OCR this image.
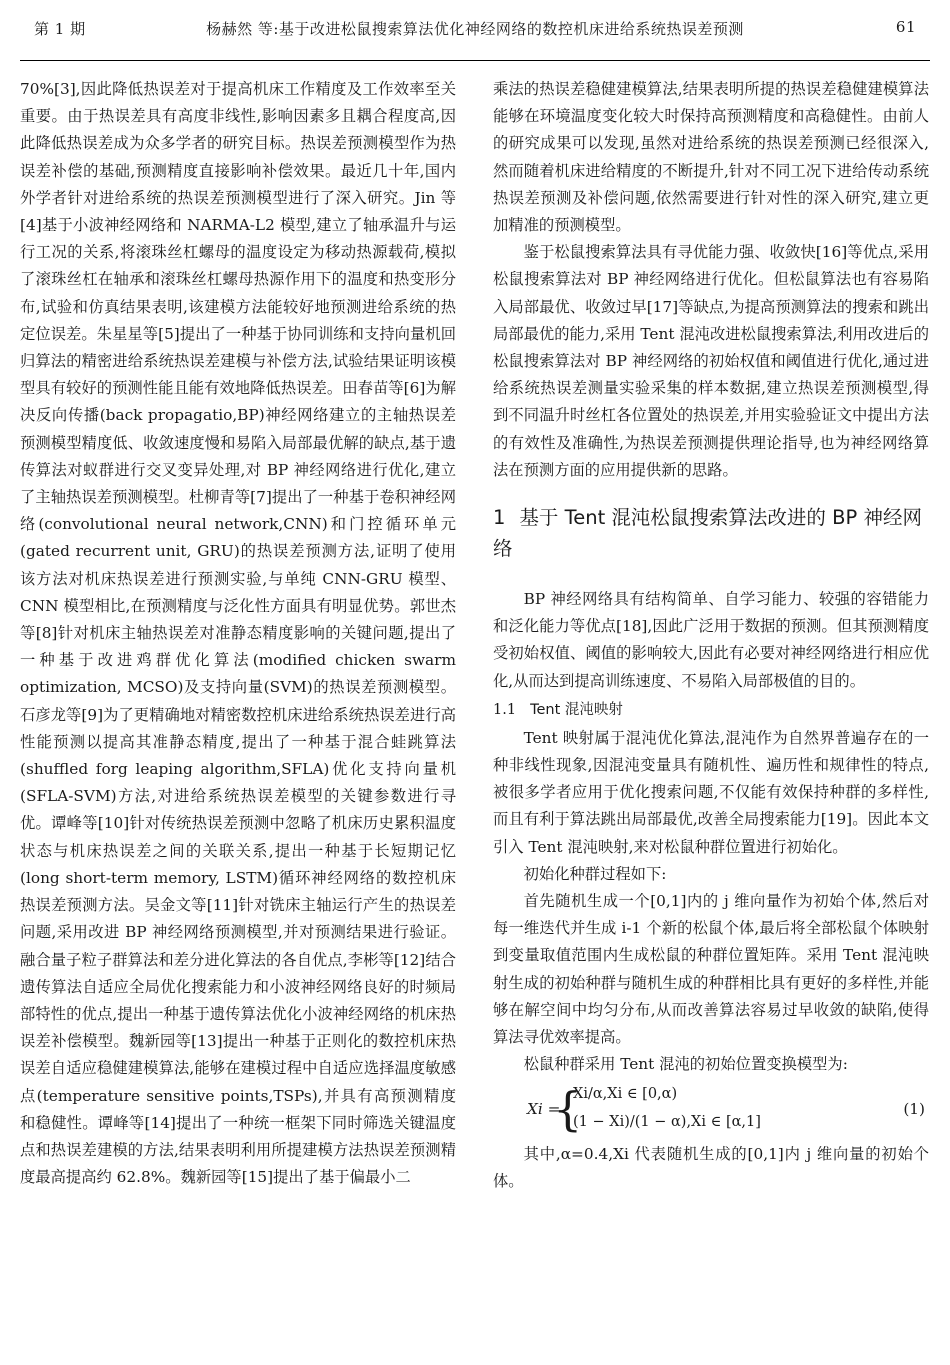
第 1 期	杨赫然 等:基于改进松鼠搜索算法优化神经网络的数控机床进给系统热误差预测	61

70%[3],因此降低热误差对于提高机床工作精度及工作效率至关重要。由于热误差具有高度非线性,影响因素多且耦合程度高,因此降低热误差成为众多学者的研究目标。热误差预测模型作为热误差补偿的基础,预测精度直接影响补偿效果。最近几十年,国内外学者针对进给系统的热误差预测模型进行了深入研究。Jin 等[4]基于小波神经网络和 NARMA-L2 模型,建立了轴承温升与运行工况的关系,将滚珠丝杠螺母的温度设定为移动热源载荷,模拟了滚珠丝杠在轴承和滚珠丝杠螺母热源作用下的温度和热变形分布,试验和仿真结果表明,该建模方法能较好地预测进给系统的热定位误差。朱星星等[5]提出了一种基于协同训练和支持向量机回归算法的精密进给系统热误差建模与补偿方法,试验结果证明该模型具有较好的预测性能且能有效地降低热误差。田春苗等[6]为解决反向传播(back propagatio,BP)神经网络建立的主轴热误差预测模型精度低、收敛速度慢和易陷入局部最优解的缺点,基于遗传算法对蚁群进行交叉变异处理,对 BP 神经网络进行优化,建立了主轴热误差预测模型。杜柳青等[7]提出了一种基于卷积神经网络(convolutional neural network,CNN)和门控循环单元(gated recurrent unit, GRU)的热误差预测方法,证明了使用该方法对机床热误差进行预测实验,与单纯 CNN-GRU 模型、CNN 模型相比,在预测精度与泛化性方面具有明显优势。郭世杰等[8]针对机床主轴热误差对准静态精度影响的关键问题,提出了一种基于改进鸡群优化算法(modified chicken swarm optimization, MCSO)及支持向量(SVM)的热误差预测模型。石彦龙等[9]为了更精确地对精密数控机床进给系统热误差进行高性能预测以提高其准静态精度,提出了一种基于混合蛙跳算法(shuffled forg leaping algorithm,SFLA)优化支持向量机(SFLA-SVM)方法,对进给系统热误差模型的关键参数进行寻优。谭峰等[10]针对传统热误差预测中忽略了机床历史累积温度状态与机床热误差之间的关联关系,提出一种基于长短期记忆(long short-term memory, LSTM)循环神经网络的数控机床热误差预测方法。吴金文等[11]针对铣床主轴运行产生的热误差问题,采用改进 BP 神经网络预测模型,并对预测结果进行验证。融合量子粒子群算法和差分进化算法的各自优点,李彬等[12]结合遗传算法自适应全局优化搜索能力和小波神经网络良好的时频局部特性的优点,提出一种基于遗传算法优化小波神经网络的机床热误差补偿模型。魏新园等[13]提出一种基于正则化的数控机床热误差自适应稳健建模算法,能够在建模过程中自适应选择温度敏感点(temperature sensitive points,TSPs),并具有高预测精度和稳健性。谭峰等[14]提出了一种统一框架下同时筛选关键温度点和热误差建模的方法,结果表明利用所提建模方法热误差预测精度最高提高约 62.8%。魏新园等[15]提出了基于偏最小二

乘法的热误差稳健建模算法,结果表明所提的热误差稳健建模算法能够在环境温度变化较大时保持高预测精度和高稳健性。由前人的研究成果可以发现,虽然对进给系统的热误差预测已经很深入,然而随着机床进给精度的不断提升,针对不同工况下进给传动系统热误差预测及补偿问题,依然需要进行针对性的深入研究,建立更加精准的预测模型。

鉴于松鼠搜索算法具有寻优能力强、收敛快[16]等优点,采用松鼠搜索算法对 BP 神经网络进行优化。但松鼠算法也有容易陷入局部最优、收敛过早[17]等缺点,为提高预测算法的搜索和跳出局部最优的能力,采用 Tent 混沌改进松鼠搜索算法,利用改进后的松鼠搜索算法对 BP 神经网络的初始权值和阈值进行优化,通过进给系统热误差测量实验采集的样本数据,建立热误差预测模型,得到不同温升时丝杠各位置处的热误差,并用实验验证文中提出方法的有效性及准确性,为热误差预测提供理论指导,也为神经网络算法在预测方面的应用提供新的思路。

1 基于 Tent 混沌松鼠搜索算法改进的 BP 神经网络

BP 神经网络具有结构简单、自学习能力、较强的容错能力和泛化能力等优点[18],因此广泛用于数据的预测。但其预测精度受初始权值、阈值的影响较大,因此有必要对神经网络进行相应优化,从而达到提高训练速度、不易陷入局部极值的目的。

1.1 Tent 混沌映射

Tent 映射属于混沌优化算法,混沌作为自然界普遍存在的一种非线性现象,因混沌变量具有随机性、遍历性和规律性的特点,被很多学者应用于优化搜索问题,不仅能有效保持种群的多样性,而且有利于算法跳出局部最优,改善全局搜索能力[19]。因此本文引入 Tent 混沌映射,来对松鼠种群位置进行初始化。

初始化种群过程如下:

首先随机生成一个[0,1]内的 j 维向量作为初始个体,然后对每一维迭代并生成 i-1 个新的松鼠个体,最后将全部松鼠个体映射到变量取值范围内生成松鼠的种群位置矩阵。采用 Tent 混沌映射生成的初始种群与随机生成的种群相比具有更好的多样性,并能够在解空间中均匀分布,从而改善算法容易过早收敛的缺陷,使得算法寻优效率提高。

松鼠种群采用 Tent 混沌的初始位置变换模型为:

Xi =
{
Xi/α,Xi ∈ [0,α)
(1 − Xi)/(1 − α),Xi ∈ [α,1]
(1)

其中,α=0.4,Xi 代表随机生成的[0,1]内 j 维向量的初始个体。
